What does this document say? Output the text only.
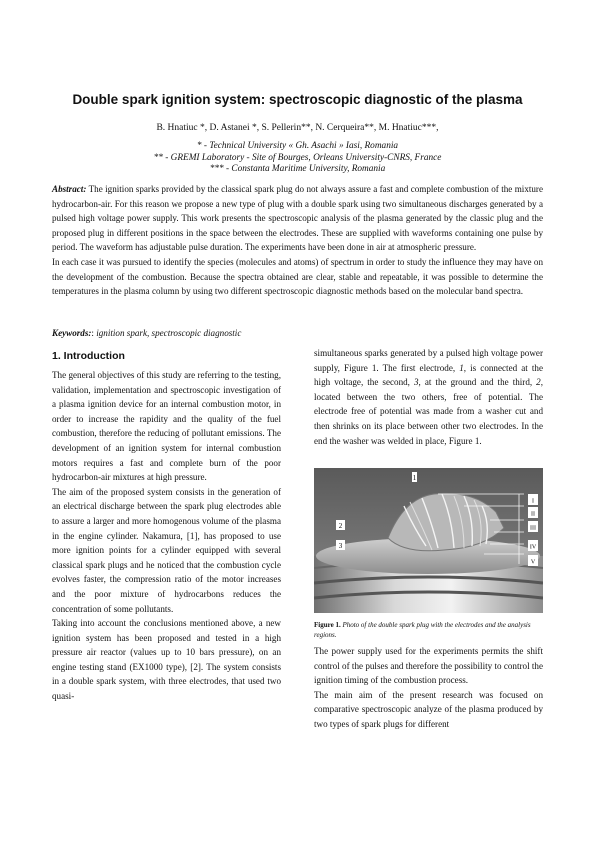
Double spark ignition system: spectroscopic diagnostic of the plasma
B. Hnatiuc *, D. Astanei *, S. Pellerin**, N. Cerqueira**, M. Hnatiuc***,
* - Technical University « Gh. Asachi » Iasi, Romania
** - GREMI Laboratory - Site of Bourges, Orleans University-CNRS, France
*** - Constanta Maritime University, Romania

Abstract: The ignition sparks provided by the classical spark plug do not always assure a fast and complete combustion of the mixture hydrocarbon-air. For this reason we propose a new type of plug with a double spark using two simultaneous discharges generated by a pulsed high voltage power supply. This work presents the spectroscopic analysis of the plasma generated by the classic plug and the proposed plug in different positions in the space between the electrodes. These are supplied with waveforms containing one pulse by period. The waveform has adjustable pulse duration. The experiments have been done in air at atmospheric pressure.

In each case it was pursued to identify the species (molecules and atoms) of spectrum in order to study the influence they may have on the development of the combustion. Because the spectra obtained are clear, stable and repeatable, it was possible to determine the temperatures in the plasma column by using two different spectroscopic diagnostic methods based on the molecular band spectra.

Keywords:: ignition spark, spectroscopic diagnostic
1. Introduction

The general objectives of this study are referring to the testing, validation, implementation and spectroscopic investigation of a plasma ignition device for an internal combustion motor, in order to increase the rapidity and the quality of the fuel combustion, therefore the reducing of pollutant emissions. The development of an ignition system for internal combustion motors requires a fast and complete burn of the poor hydrocarbon-air mixtures at high pressure.

The aim of the proposed system consists in the generation of an electrical discharge between the spark plug electrodes able to assure a larger and more homogenous volume of the plasma in the engine cylinder. Nakamura, [1], has proposed to use more ignition points for a cylinder equipped with several classical spark plugs and he noticed that the combustion cycle evolves faster, the compression ratio of the motor increases and the poor mixture of hydrocarbons reduces the concentration of some pollutants.

Taking into account the conclusions mentioned above, a new ignition system has been proposed and tested in a high pressure air reactor (values up to 10 bars pressure), on an engine testing stand (EX1000 type), [2]. The system consists in a double spark system, with three electrodes, that used two quasi-

simultaneous sparks generated by a pulsed high voltage power supply, Figure 1. The first electrode, 1, is connected at the high voltage, the second, 3, at the ground and the third, 2, located between the two others, free of potential. The electrode free of potential was made from a washer cut and then shrinks on its place between other two electrodes. In the end the washer was welded in place, Figure 1.

1
2
3
I
II
III
IV
V
Figure 1. Photo of the double spark plug with the electrodes and the analysis regions.

The power supply used for the experiments permits the shift control of the pulses and therefore the possibility to control the ignition timing of the combustion process.

The main aim of the present research was focused on comparative spectroscopic analyze of the plasma produced by two types of spark plugs for different
